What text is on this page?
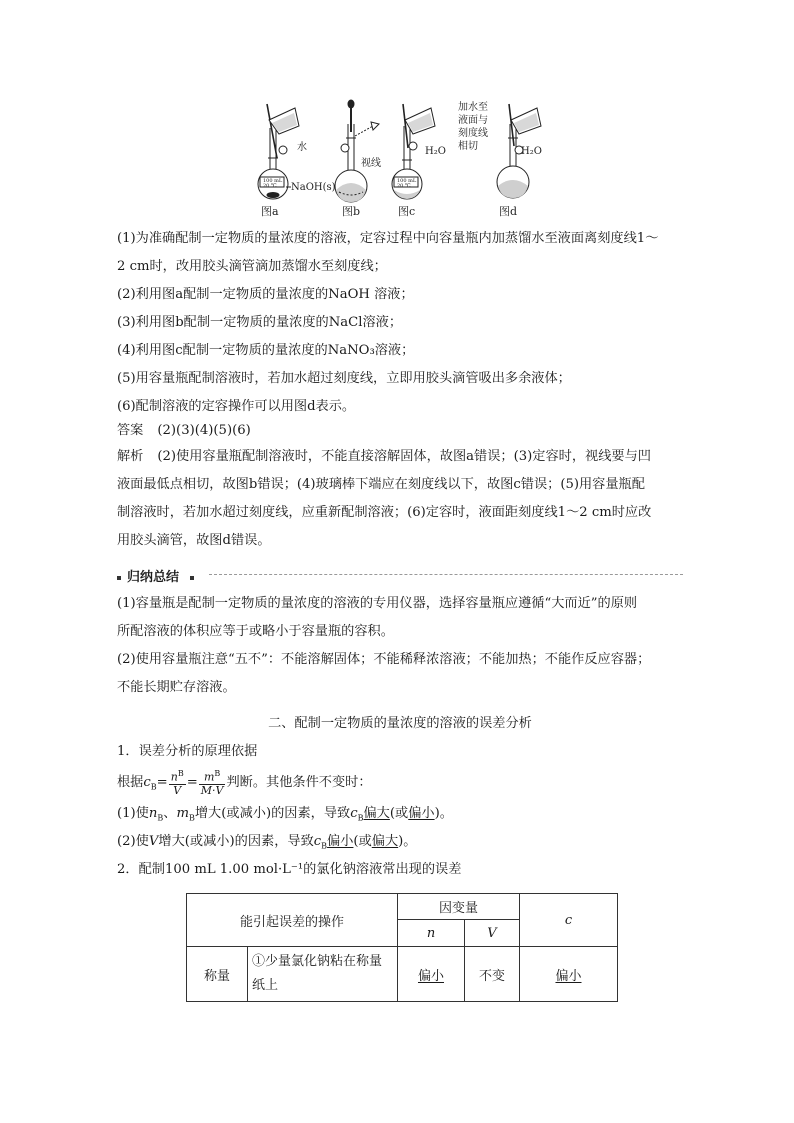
水
NaOH(s)
100 mL
20 ℃
视线
100 mL
20 ℃
H₂O
加水至
液面与
刻度线
相切	H₂O
图a	图b	图c	图d
(1)为准确配制一定物质的量浓度的溶液，定容过程中向容量瓶内加蒸馏水至液面离刻度线1～
2 cm时，改用胶头滴管滴加蒸馏水至刻度线；
(2)利用图a配制一定物质的量浓度的NaOH 溶液；
(3)利用图b配制一定物质的量浓度的NaCl溶液；
(4)利用图c配制一定物质的量浓度的NaNO₃溶液；
(5)用容量瓶配制溶液时，若加水超过刻度线，立即用胶头滴管吸出多余液体；
(6)配制溶液的定容操作可以用图d表示。
答案 (2)(3)(4)(5)(6)
解析 (2)使用容量瓶配制溶液时，不能直接溶解固体，故图a错误；(3)定容时，视线要与凹
液面最低点相切，故图b错误；(4)玻璃棒下端应在刻度线以下，故图c错误；(5)用容量瓶配
制溶液时，若加水超过刻度线，应重新配制溶液；(6)定容时，液面距刻度线1～2 cm时应改
用胶头滴管，故图d错误。
归纳总结
(1)容量瓶是配制一定物质的量浓度的溶液的专用仪器，选择容量瓶应遵循“大而近”的原则
所配溶液的体积应等于或略小于容量瓶的容积。
(2)使用容量瓶注意“五不”：不能溶解固体；不能稀释浓溶液；不能加热；不能作反应容器；
不能长期贮存溶液。
二、配制一定物质的量浓度的溶液的误差分析
1．误差分析的原理依据
根据$c_B= \frac{n^B}{V} = \frac{m^B}{M\cdot V}$ 判断。其他条件不变时：
(1)使$n_B$、$m_B$增大(或减小)的因素，导致$c_B$偏大(或偏小)。
(2)使V增大(或减小)的因素，导致$c_B$偏小(或偏大)。
2．配制100 mL 1.00 mol·L⁻¹的氯化钠溶液常出现的误差
能引起误差的操作		因变量		c
		n	V	
称量	①少量氯化钠粘在称量纸上	偏小	不变	偏小
